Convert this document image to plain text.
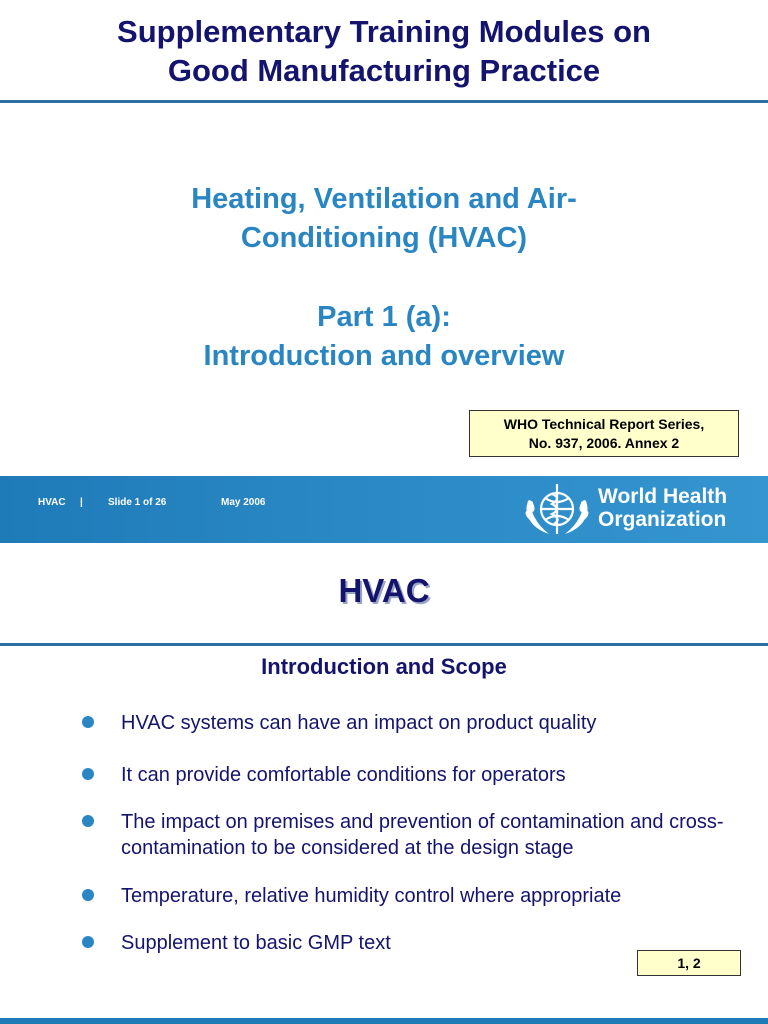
Supplementary Training Modules on
Good Manufacturing Practice
Heating, Ventilation and Air-
Conditioning (HVAC)
Part 1 (a):
Introduction and overview
WHO Technical Report Series,
No. 937, 2006. Annex 2
HVAC |	Slide 1 of 26	May 2006	World Health
Organization
HVAC
Introduction and Scope
HVAC systems can have an impact on product quality
It can provide comfortable conditions for operators
The impact on premises and prevention of contamination and cross-contamination to be considered at the design stage
Temperature, relative humidity control where appropriate
Supplement to basic GMP text
1, 2
